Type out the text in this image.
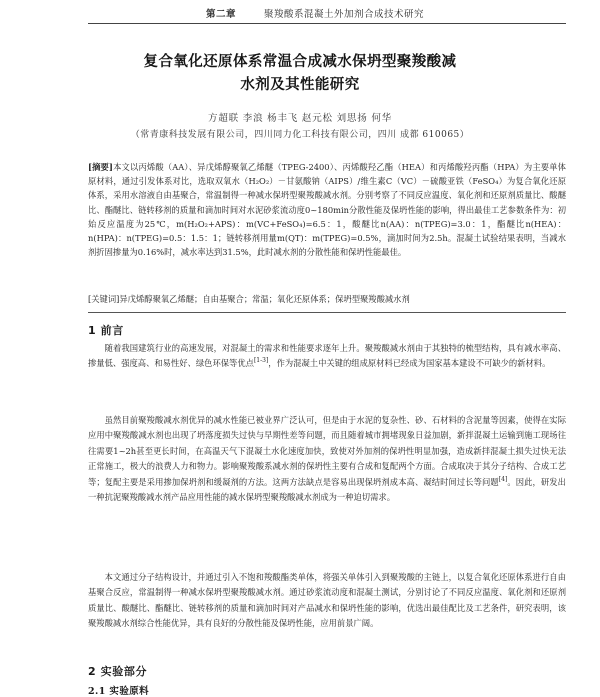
第二章	聚羧酸系混凝土外加剂合成技术研究
复合氧化还原体系常温合成减水保坍型聚羧酸减
水剂及其性能研究
方超联 李浪 杨丰飞 赵元松 刘思扬 何华
（常青康科技发展有限公司，四川同力化工科技有限公司，四川 成都 610065）
[摘要]本文以丙烯酸（AA）、异戊烯醇聚氧乙烯醚（TPEG-2400）、丙烯酸羟乙酯（HEA）和丙烯酸羟丙酯（HPA）为主要单体原材料，通过引发体系对比，选取双氧水（H₂O₂）－甘氨酸钠（AIPS）/维生素C（VC）－硫酸亚铁（FeSO₄）为复合氧化还原体系，采用水溶液自由基聚合，常温制得一种减水保坍型聚羧酸减水剂。分别考察了不同反应温度、氧化剂和还原剂质量比、酸醚比、酯醚比、链转移剂的质量和滴加时间对水泥砂浆流动度0~180min分散性能及保坍性能的影响，得出最佳工艺参数条件为：初始反应温度为25℃，m(H₂O₂+APS)：m(VC+FeSO₄)=6.5：1，酸醚比n(AA)：n(TPEG)=3.0：1，酯醚比n(HEA)：n(HPA)：n(TPEG)=0.5：1.5：1；链转移剂用量m(QT)：m(TPEG)=0.5%，滴加时间为2.5h。混凝土试验结果表明，当减水剂折固掺量为0.16%时，减水率达到31.5%，此时减水剂的分散性能和保坍性能最佳。
[关键词]异戊烯醇聚氧乙烯醚；自由基聚合；常温；氧化还原体系；保坍型聚羧酸减水剂
1 前言
随着我国建筑行业的高速发展，对混凝土的需求和性能要求逐年上升。聚羧酸减水剂由于其独特的梳型结构，具有减水率高、掺量低、强度高、和易性好、绿色环保等优点[1-3]，作为混凝土中关键的组成原材料已经成为国家基本建设不可缺少的新材料。
虽然目前聚羧酸减水剂优异的减水性能已被业界广泛认可，但是由于水泥的复杂性、砂、石材料的含泥量等因素，使得在实际应用中聚羧酸减水剂也出现了坍落度损失过快与早期性差等问题，而且随着城市拥堵现象日益加剧，新拌混凝土运输到施工现场往往需要1~2h甚至更长时间，在高温天气下混凝土水化速度加快，致使对外加剂的保坍性明显加强，造成新拌混凝土损失过快无法正常施工，极大的浪费人力和物力。影响聚羧酸系减水剂的保坍性主要有合成和复配两个方面。合成取决于其分子结构、合成工艺等；复配主要是采用掺加保坍剂和缓凝剂的方法。这两方法缺点是容易出现保坍剂成本高、凝结时间过长等问题[4]。因此，研发出一种抗泥聚羧酸减水剂产品应用性能的减水保坍型聚羧酸减水剂成为一种迫切需求。
本文通过分子结构设计，并通过引入不饱和羧酸酯类单体，将强关单体引入到聚羧酸的主链上，以复合氧化还原体系进行自由基聚合反应，常温制得一种减水保坍型聚羧酸减水剂。通过砂浆流动度和混凝土测试，分别讨论了不同反应温度、氧化剂和还原剂质量比、酸醚比、酯醚比、链转移剂的质量和滴加时间对产品减水和保坍性能的影响，优选出最佳配比及工艺条件，研究表明，该聚羧酸减水剂综合性能优异，具有良好的分散性能及保坍性能，应用前景广阔。
2 实验部分
2.1 实验原料
